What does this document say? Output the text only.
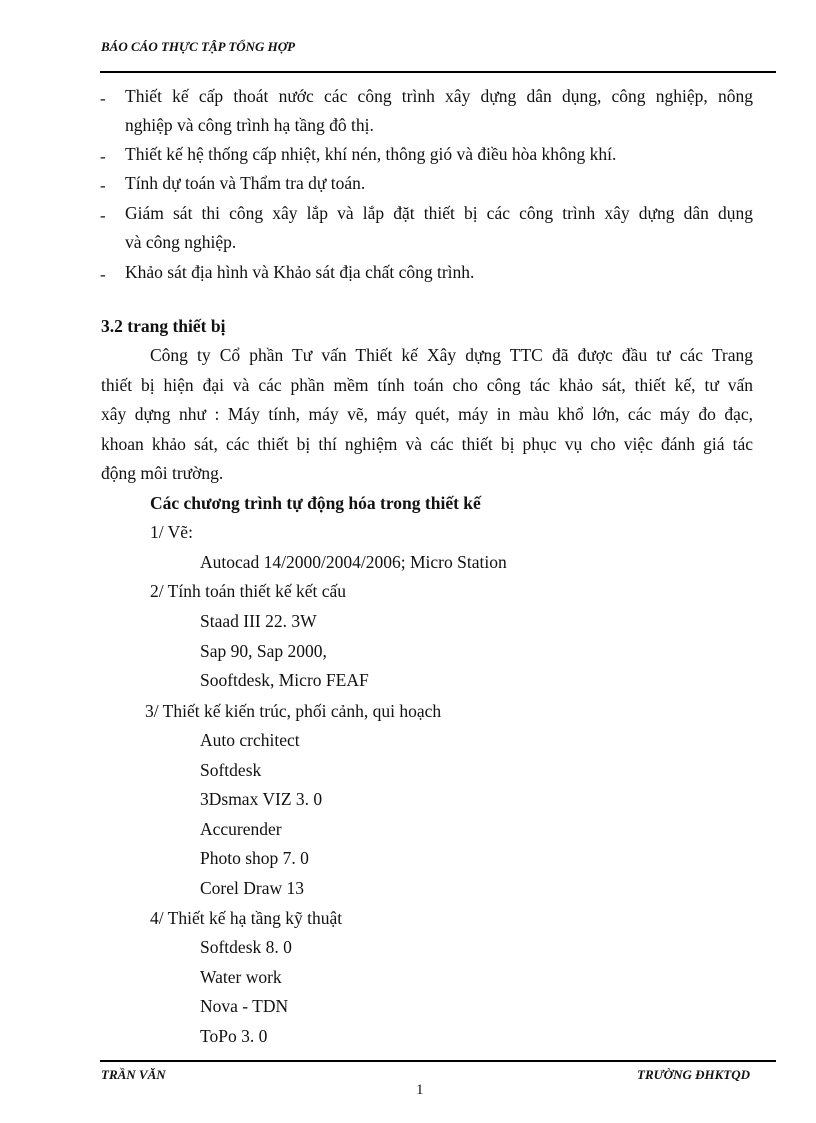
BÁO CÁO THỰC TẬP TỔNG HỢP
- Thiết kế cấp thoát nước các công trình xây dựng dân dụng, công nghiệp, nông
nghiệp và công trình hạ tầng đô thị.
- Thiết kế hệ thống cấp nhiệt, khí nén, thông gió và điều hòa không khí.
- Tính dự toán và Thẩm tra dự toán.
- Giám sát thi công xây lắp và lắp đặt thiết bị các công trình xây dựng dân dụng
và công nghiệp.
- Khảo sát địa hình và Khảo sát địa chất công trình.
3.2 trang thiết bị
Công ty Cổ phần Tư vấn Thiết kế Xây dựng TTC đã được đầu tư các Trang
thiết bị hiện đại và các phần mềm tính toán cho công tác khảo sát, thiết kế, tư vấn
xây dựng như : Máy tính, máy vẽ, máy quét, máy in màu khổ lớn, các máy đo đạc,
khoan khảo sát, các thiết bị thí nghiệm và các thiết bị phục vụ cho việc đánh giá tác
động môi trường.
Các chương trình tự động hóa trong thiết kế
1/ Vẽ:
Autocad 14/2000/2004/2006; Micro Station
2/ Tính toán thiết kế kết cấu
Staad III 22. 3W
Sap 90, Sap 2000,
Sooftdesk, Micro FEAF
3/ Thiết kế kiến trúc, phối cảnh, qui hoạch
Auto crchitect
Softdesk
3Dsmax VIZ 3. 0
Accurender
Photo shop 7. 0
Corel Draw 13
4/ Thiết kế hạ tầng kỹ thuật
Softdesk 8. 0
Water work
Nova - TDN
ToPo 3. 0
TRẦN VĂN	TRƯỜNG ĐHKTQD
1
